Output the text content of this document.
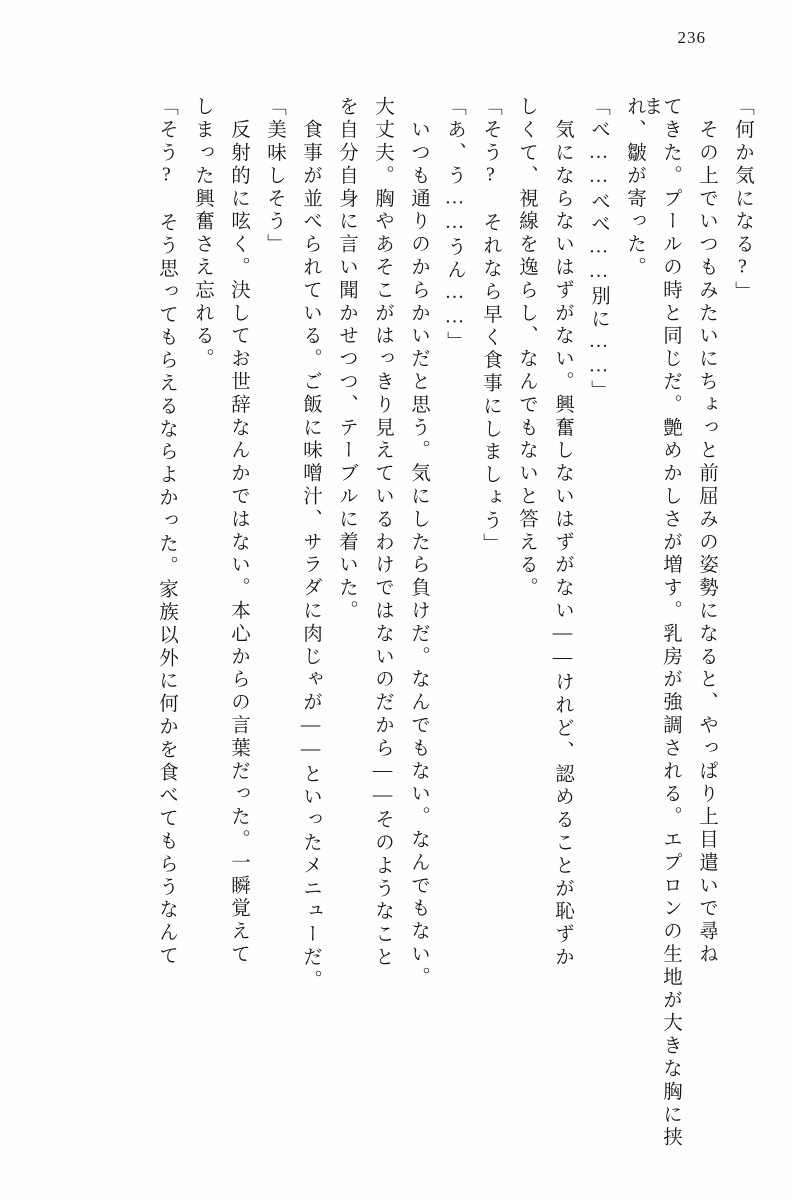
236
「何か気になる?」
　その上でいつもみたいにちょっと前屈みの姿勢になると、やっぱり上目遣いで尋ね
てきた。プールの時と同じだ。艶めかしさが増す。乳房が強調される。エプロンの生地が大きな胸に挟ま
れ、皺が寄った。
「べ……べべ……別に……」
　気にならないはずがない。興奮しないはずがない——けれど、認めることが恥ずか
しくて、視線を逸らし、なんでもないと答える。
「そう?　それなら早く食事にしましょう」
「あ、う……うん……」
　いつも通りのからかいだと思う。気にしたら負けだ。なんでもない。なんでもない。
大丈夫。胸やあそこがはっきり見えているわけではないのだから——そのようなこと
を自分自身に言い聞かせつつ、テーブルに着いた。
　食事が並べられている。ご飯に味噌汁、サラダに肉じゃが——といったメニューだ。
「美味しそう」
　反射的に呟く。決してお世辞なんかではない。本心からの言葉だった。一瞬覚えて
しまった興奮さえ忘れる。
「そう?　そう思ってもらえるならよかった。家族以外に何かを食べてもらうなんて
